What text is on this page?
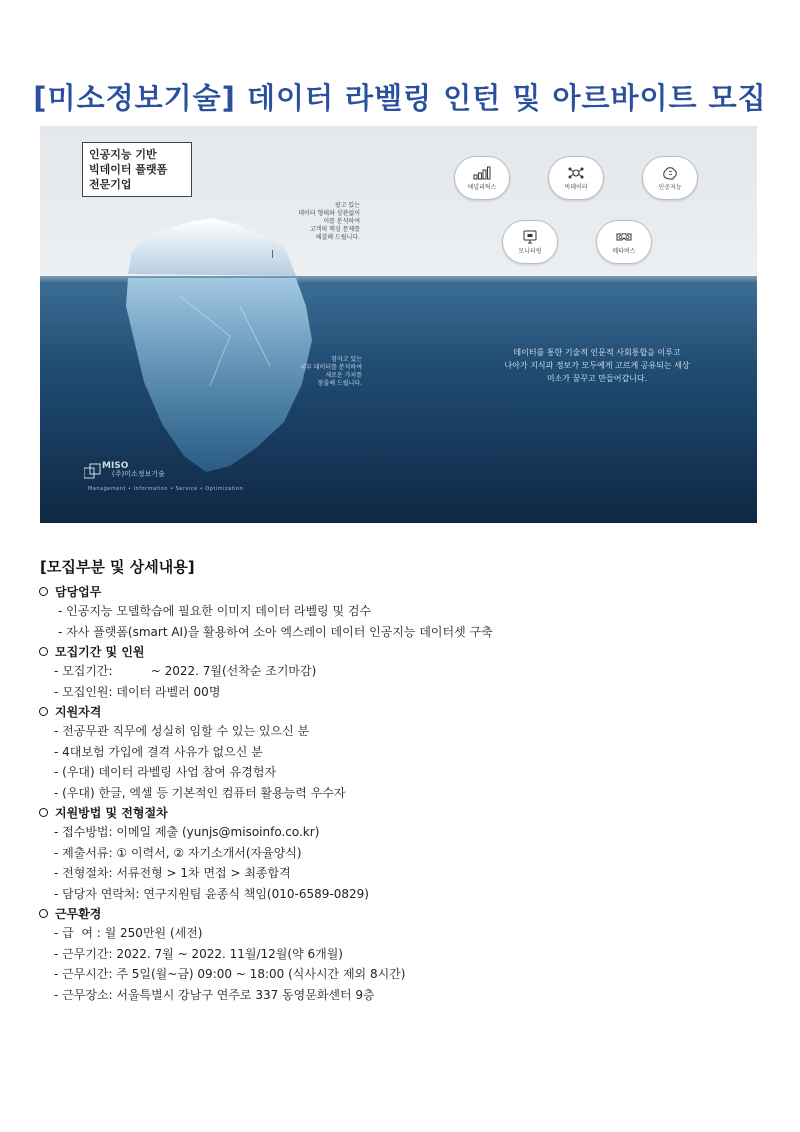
[미소정보기술] 데이터 라벨링 인턴 및 아르바이트 모집
인공지능 기반
빅데이터 플랫폼
전문기업
광고 있는
데이터 형태와 상관없이
이를 분석하여
고객의 핵심 문제를
해결해 드립니다.
잠자고 있는
내부 데이터를 분석하여
새로운 가치를
창출해 드립니다.
데이터를 통한 기술적 인문적 사회통합을 이루고
나아가 지식과 정보가 모두에게 고르게 공유되는 세상
미소가 꿈꾸고 만들어갑니다.
애널리틱스	빅데이터	인공지능
모니터링	메타버스
MISO
(주)미소정보기술
Management • Information • Service • Optimization
[모집부분 및 상세내용]
담당업무
- 인공지능 모델학습에 필요한 이미지 데이터 라벨링 및 검수
- 자사 플랫폼(smart AI)을 활용하여 소아 엑스레이 데이터 인공지능 데이터셋 구축
모집기간 및 인원
- 모집기간:          ~ 2022. 7월(선착순 조기마감)
- 모집인원: 데이터 라벨러 00명
지원자격
- 전공무관 직무에 성실히 임할 수 있는 있으신 분
- 4대보험 가입에 결격 사유가 없으신 분
- (우대) 데이터 라벨링 사업 참여 유경험자
- (우대) 한글, 엑셀 등 기본적인 컴퓨터 활용능력 우수자
지원방법 및 전형절차
- 접수방법: 이메일 제출 (yunjs@misoinfo.co.kr)
- 제출서류: ① 이력서, ② 자기소개서(자율양식)
- 전형절차: 서류전형 > 1차 면접 > 최종합격
- 담당자 연락처: 연구지원팀 윤종식 책임(010-6589-0829)
근무환경
- 급  여 : 월 250만원 (세전)
- 근무기간: 2022. 7월 ~ 2022. 11월/12월(약 6개월)
- 근무시간: 주 5일(월~금) 09:00 ~ 18:00 (식사시간 제외 8시간)
- 근무장소: 서울특별시 강남구 연주로 337 동영문화센터 9층
